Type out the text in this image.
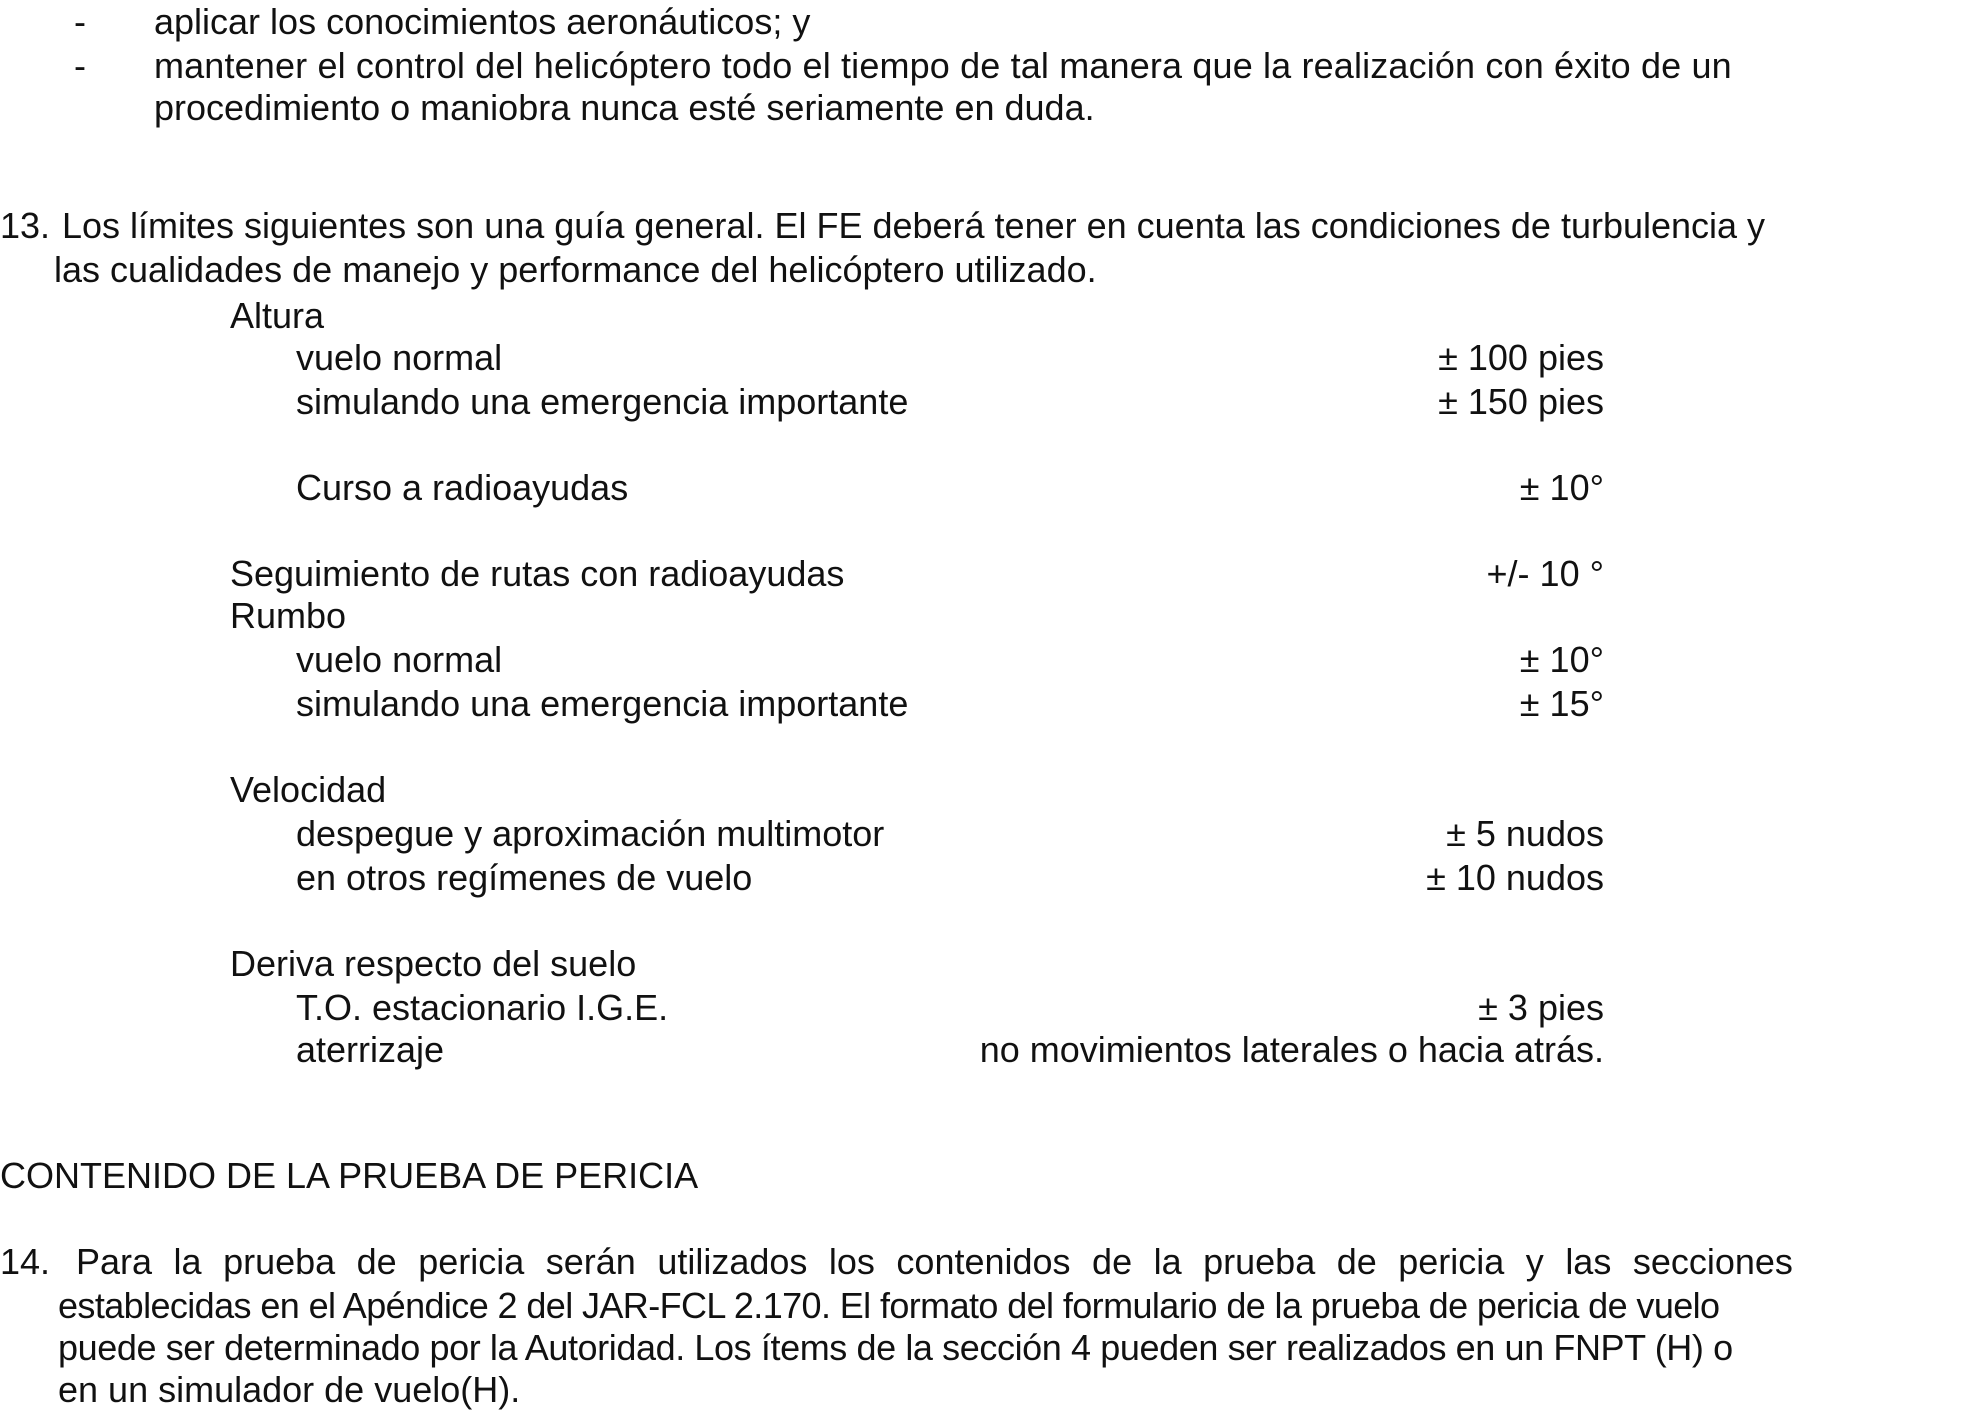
- aplicar los conocimientos aeronáuticos; y
- mantener el control del helicóptero todo el tiempo de tal manera que la realización con éxito de un
procedimiento o maniobra nunca esté seriamente en duda.
13. Los límites siguientes son una guía general. El FE deberá tener en cuenta las condiciones de turbulencia y
las cualidades de manejo y performance del helicóptero utilizado.
Altura
vuelo normal	± 100 pies
simulando una emergencia importante	± 150 pies
Curso a radioayudas	± 10°
Seguimiento de rutas con radioayudas	+/- 10 °
Rumbo
vuelo normal	± 10°
simulando una emergencia importante	± 15°
Velocidad
despegue y aproximación multimotor	± 5 nudos
en otros regímenes de vuelo	± 10 nudos
Deriva respecto del suelo
T.O. estacionario I.G.E.	± 3 pies
aterrizaje	no movimientos laterales o hacia atrás.
CONTENIDO DE LA PRUEBA DE PERICIA
14. Para la prueba de pericia serán utilizados los contenidos de la prueba de pericia y las secciones
establecidas en el Apéndice 2 del JAR-FCL 2.170. El formato del formulario de la prueba de pericia de vuelo
puede ser determinado por la Autoridad. Los ítems de la sección 4 pueden ser realizados en un FNPT (H) o
en un simulador de vuelo(H).
